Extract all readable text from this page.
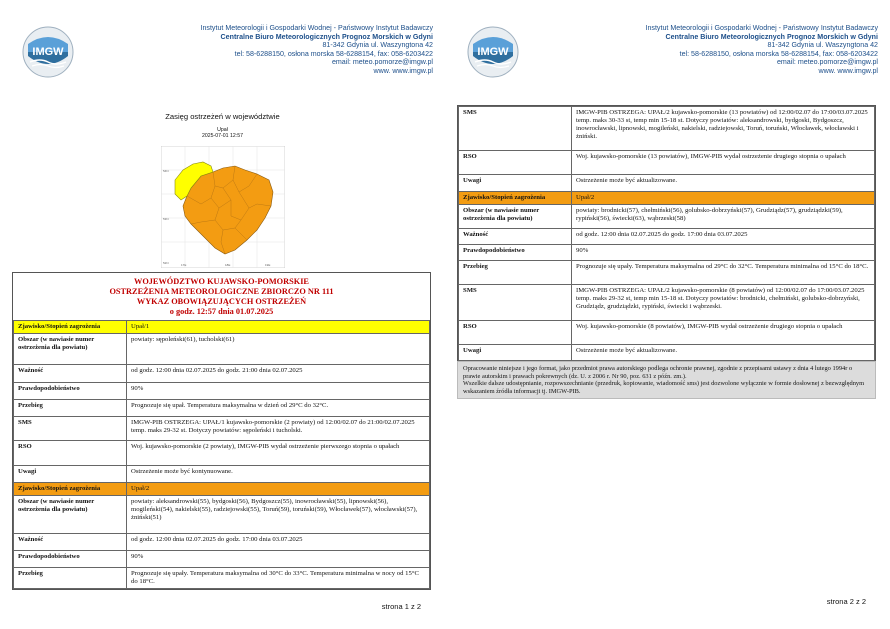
IMGW
Instytut Meteorologii i Gospodarki Wodnej - Państwowy Instytut Badawczy
Centralne Biuro Meteorologicznych Prognoz Morskich w Gdyni
81-342 Gdynia ul. Waszyngtona 42
tel: 58-6288150, osłona morska 58-6288154, fax: 058-6203422
email: meteo.pomorze@imgw.pl
www. www.imgw.pl
Zasięg ostrzeżeń w województwie
Upał
2025-07-01 12:57
54N
53N
52N	17E	18E	19E
WOJEWÓDZTWO KUJAWSKO-POMORSKIE
OSTRZEŻENIA METEOROLOGICZNE ZBIORCZO NR 111
WYKAZ OBOWIĄZUJĄCYCH OSTRZEŻEŃ
o godz. 12:57 dnia 01.07.2025
Zjawisko/Stopień zagrożenia	Upał/1
Obszar (w nawiasie numer ostrzeżenia dla powiatu)	powiaty: sępoleński(61), tucholski(61)
Ważność	od godz. 12:00 dnia 02.07.2025 do godz. 21:00 dnia 02.07.2025
Prawdopodobieństwo	90%
Przebieg	Prognozuje się upał. Temperatura maksymalna w dzień od 29°C do 32°C.
SMS	IMGW-PIB OSTRZEGA: UPAŁ/1 kujawsko-pomorskie (2 powiaty) od 12:00/02.07 do 21:00/02.07.2025 temp. maks 29-32 st. Dotyczy powiatów: sępoleński i tucholski.
RSO	Woj. kujawsko-pomorskie (2 powiaty), IMGW-PIB wydał ostrzeżenie pierwszego stopnia o upałach
Uwagi	Ostrzeżenie może być kontynuowane.
Zjawisko/Stopień zagrożenia	Upał/2
Obszar (w nawiasie numer ostrzeżenia dla powiatu)	powiaty: aleksandrowski(55), bydgoski(56), Bydgoszcz(55), inowrocławski(55), lipnowski(56), mogileński(54), nakielski(55), radziejowski(55), Toruń(59), toruński(59), Włocławek(57), włocławski(57), żniński(51)
Ważność	od godz. 12:00 dnia 02.07.2025 do godz. 17:00 dnia 03.07.2025
Prawdopodobieństwo	90%
Przebieg	Prognozuje się upały. Temperatura maksymalna od 30°C do 33°C. Temperatura minimalna w nocy od 15°C do 18°C.
strona 1 z 2
IMGW
Instytut Meteorologii i Gospodarki Wodnej - Państwowy Instytut Badawczy
Centralne Biuro Meteorologicznych Prognoz Morskich w Gdyni
81-342 Gdynia ul. Waszyngtona 42
tel: 58-6288150, osłona morska 58-6288154, fax: 058-6203422
email: meteo.pomorze@imgw.pl
www. www.imgw.pl
SMS	IMGW-PIB OSTRZEGA: UPAŁ/2 kujawsko-pomorskie (13 powiatów) od 12:00/02.07 do 17:00/03.07.2025 temp. maks 30-33 st, temp min 15-18 st. Dotyczy powiatów: aleksandrowski, bydgoski, Bydgoszcz, inowrocławski, lipnowski, mogileński, nakielski, radziejowski, Toruń, toruński, Włocławek, włocławski i żniński.
RSO	Woj. kujawsko-pomorskie (13 powiatów), IMGW-PIB wydał ostrzeżenie drugiego stopnia o upałach
Uwagi	Ostrzeżenie może być aktualizowane.
Zjawisko/Stopień zagrożenia	Upał/2
Obszar (w nawiasie numer ostrzeżenia dla powiatu)	powiaty: brodnicki(57), chełmiński(56), golubsko-dobrzyński(57), Grudziądz(57), grudziądzki(59), rypiński(56), świecki(63), wąbrzeski(58)
Ważność	od godz. 12:00 dnia 02.07.2025 do godz. 17:00 dnia 03.07.2025
Prawdopodobieństwo	90%
Przebieg	Prognozuje się upały. Temperatura maksymalna od 29°C do 32°C. Temperatura minimalna od 15°C do 18°C.
SMS	IMGW-PIB OSTRZEGA: UPAŁ/2 kujawsko-pomorskie (8 powiatów) od 12:00/02.07 do 17:00/03.07.2025 temp. maks 29-32 st, temp min 15-18 st. Dotyczy powiatów: brodnicki, chełmiński, golubsko-dobrzyński, Grudziądz, grudziądzki, rypiński, świecki i wąbrzeski.
RSO	Woj. kujawsko-pomorskie (8 powiatów), IMGW-PIB wydał ostrzeżenie drugiego stopnia o upałach
Uwagi	Ostrzeżenie może być aktualizowane.
Opracowanie niniejsze i jego format, jako przedmiot prawa autorskiego podlega ochronie prawnej, zgodnie z przepisami ustawy z dnia 4 lutego 1994r o prawie autorskim i prawach pokrewnych (dz. U. z 2006 r. Nr 90, poz. 631 z późn. zm.).
Wszelkie dalsze udostępnianie, rozpowszechnianie (przedruk, kopiowanie, wiadomość sms) jest dozwolone wyłącznie w formie dosłownej z bezwzględnym wskazaniem źródła informacji tj. IMGW-PIB.
strona 2 z 2
